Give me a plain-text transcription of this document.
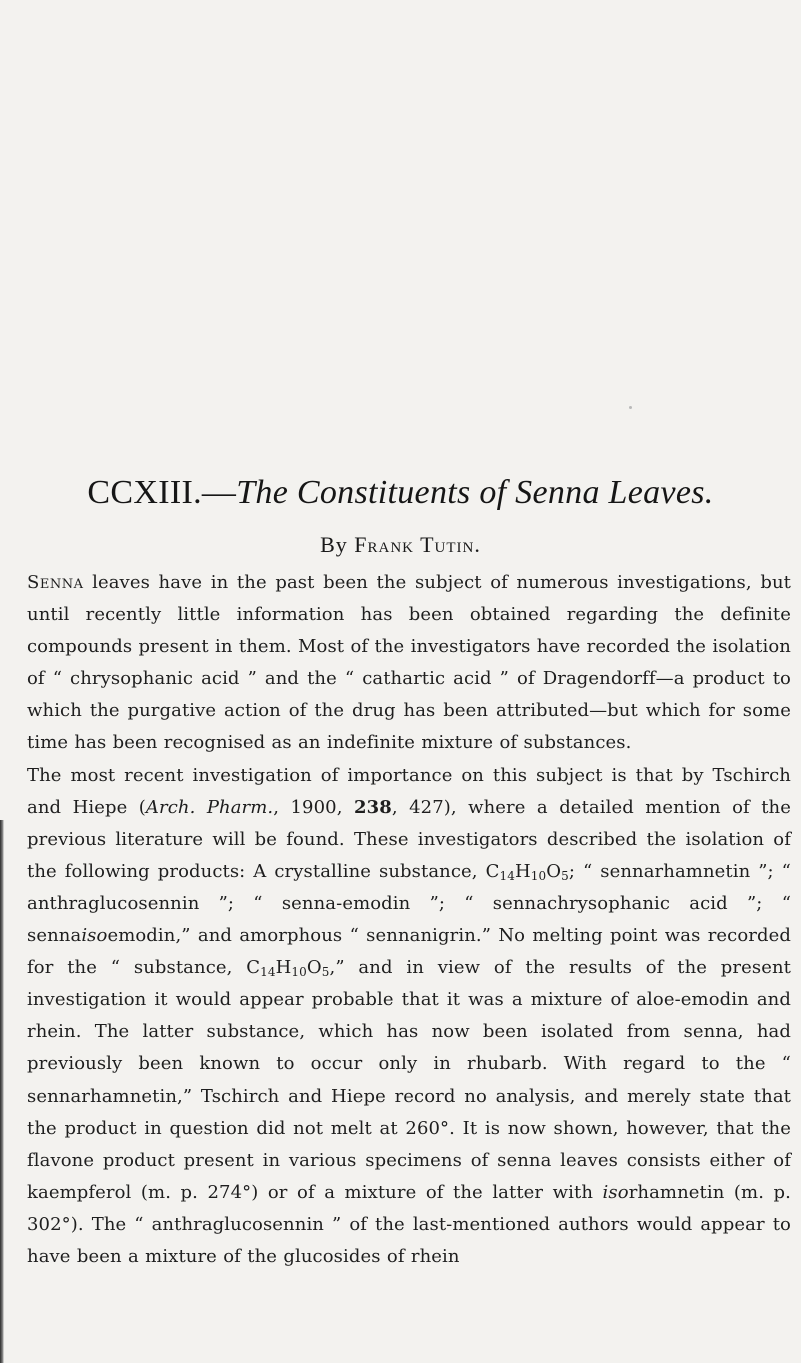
CCXIII.—The Constituents of Senna Leaves.

By Frank Tutin.

Senna leaves have in the past been the subject of numerous investigations, but until recently little information has been obtained regarding the definite compounds present in them. Most of the investigators have recorded the isolation of “ chrysophanic acid ” and the “ cathartic acid ” of Dragendorff—a product to which the purgative action of the drug has been attributed—but which for some time has been recognised as an indefinite mixture of substances.

The most recent investigation of importance on this subject is that by Tschirch and Hiepe (Arch. Pharm., 1900, 238, 427), where a detailed mention of the previous literature will be found. These investigators described the isolation of the following products: A crystalline substance, $C_{14}H_{10}O_5$; “ sennarhamnetin ”; “ anthraglucosennin ”; “ senna-emodin ”; “ sennachrysophanic acid ”; “ sennaisoemodin,” and amorphous “ sennanigrin.” No melting point was recorded for the “ substance, $C_{14}H_{10}O_5$,” and in view of the results of the present investigation it would appear probable that it was a mixture of aloe-emodin and rhein. The latter substance, which has now been isolated from senna, had previously been known to occur only in rhubarb. With regard to the “ sennarhamnetin,” Tschirch and Hiepe record no analysis, and merely state that the product in question did not melt at 260°. It is now shown, however, that the flavone product present in various specimens of senna leaves consists either of kaempferol (m. p. 274°) or of a mixture of the latter with isorhamnetin (m. p. 302°). The “ anthraglucosennin ” of the last-mentioned authors would appear to have been a mixture of the glucosides of rhein
